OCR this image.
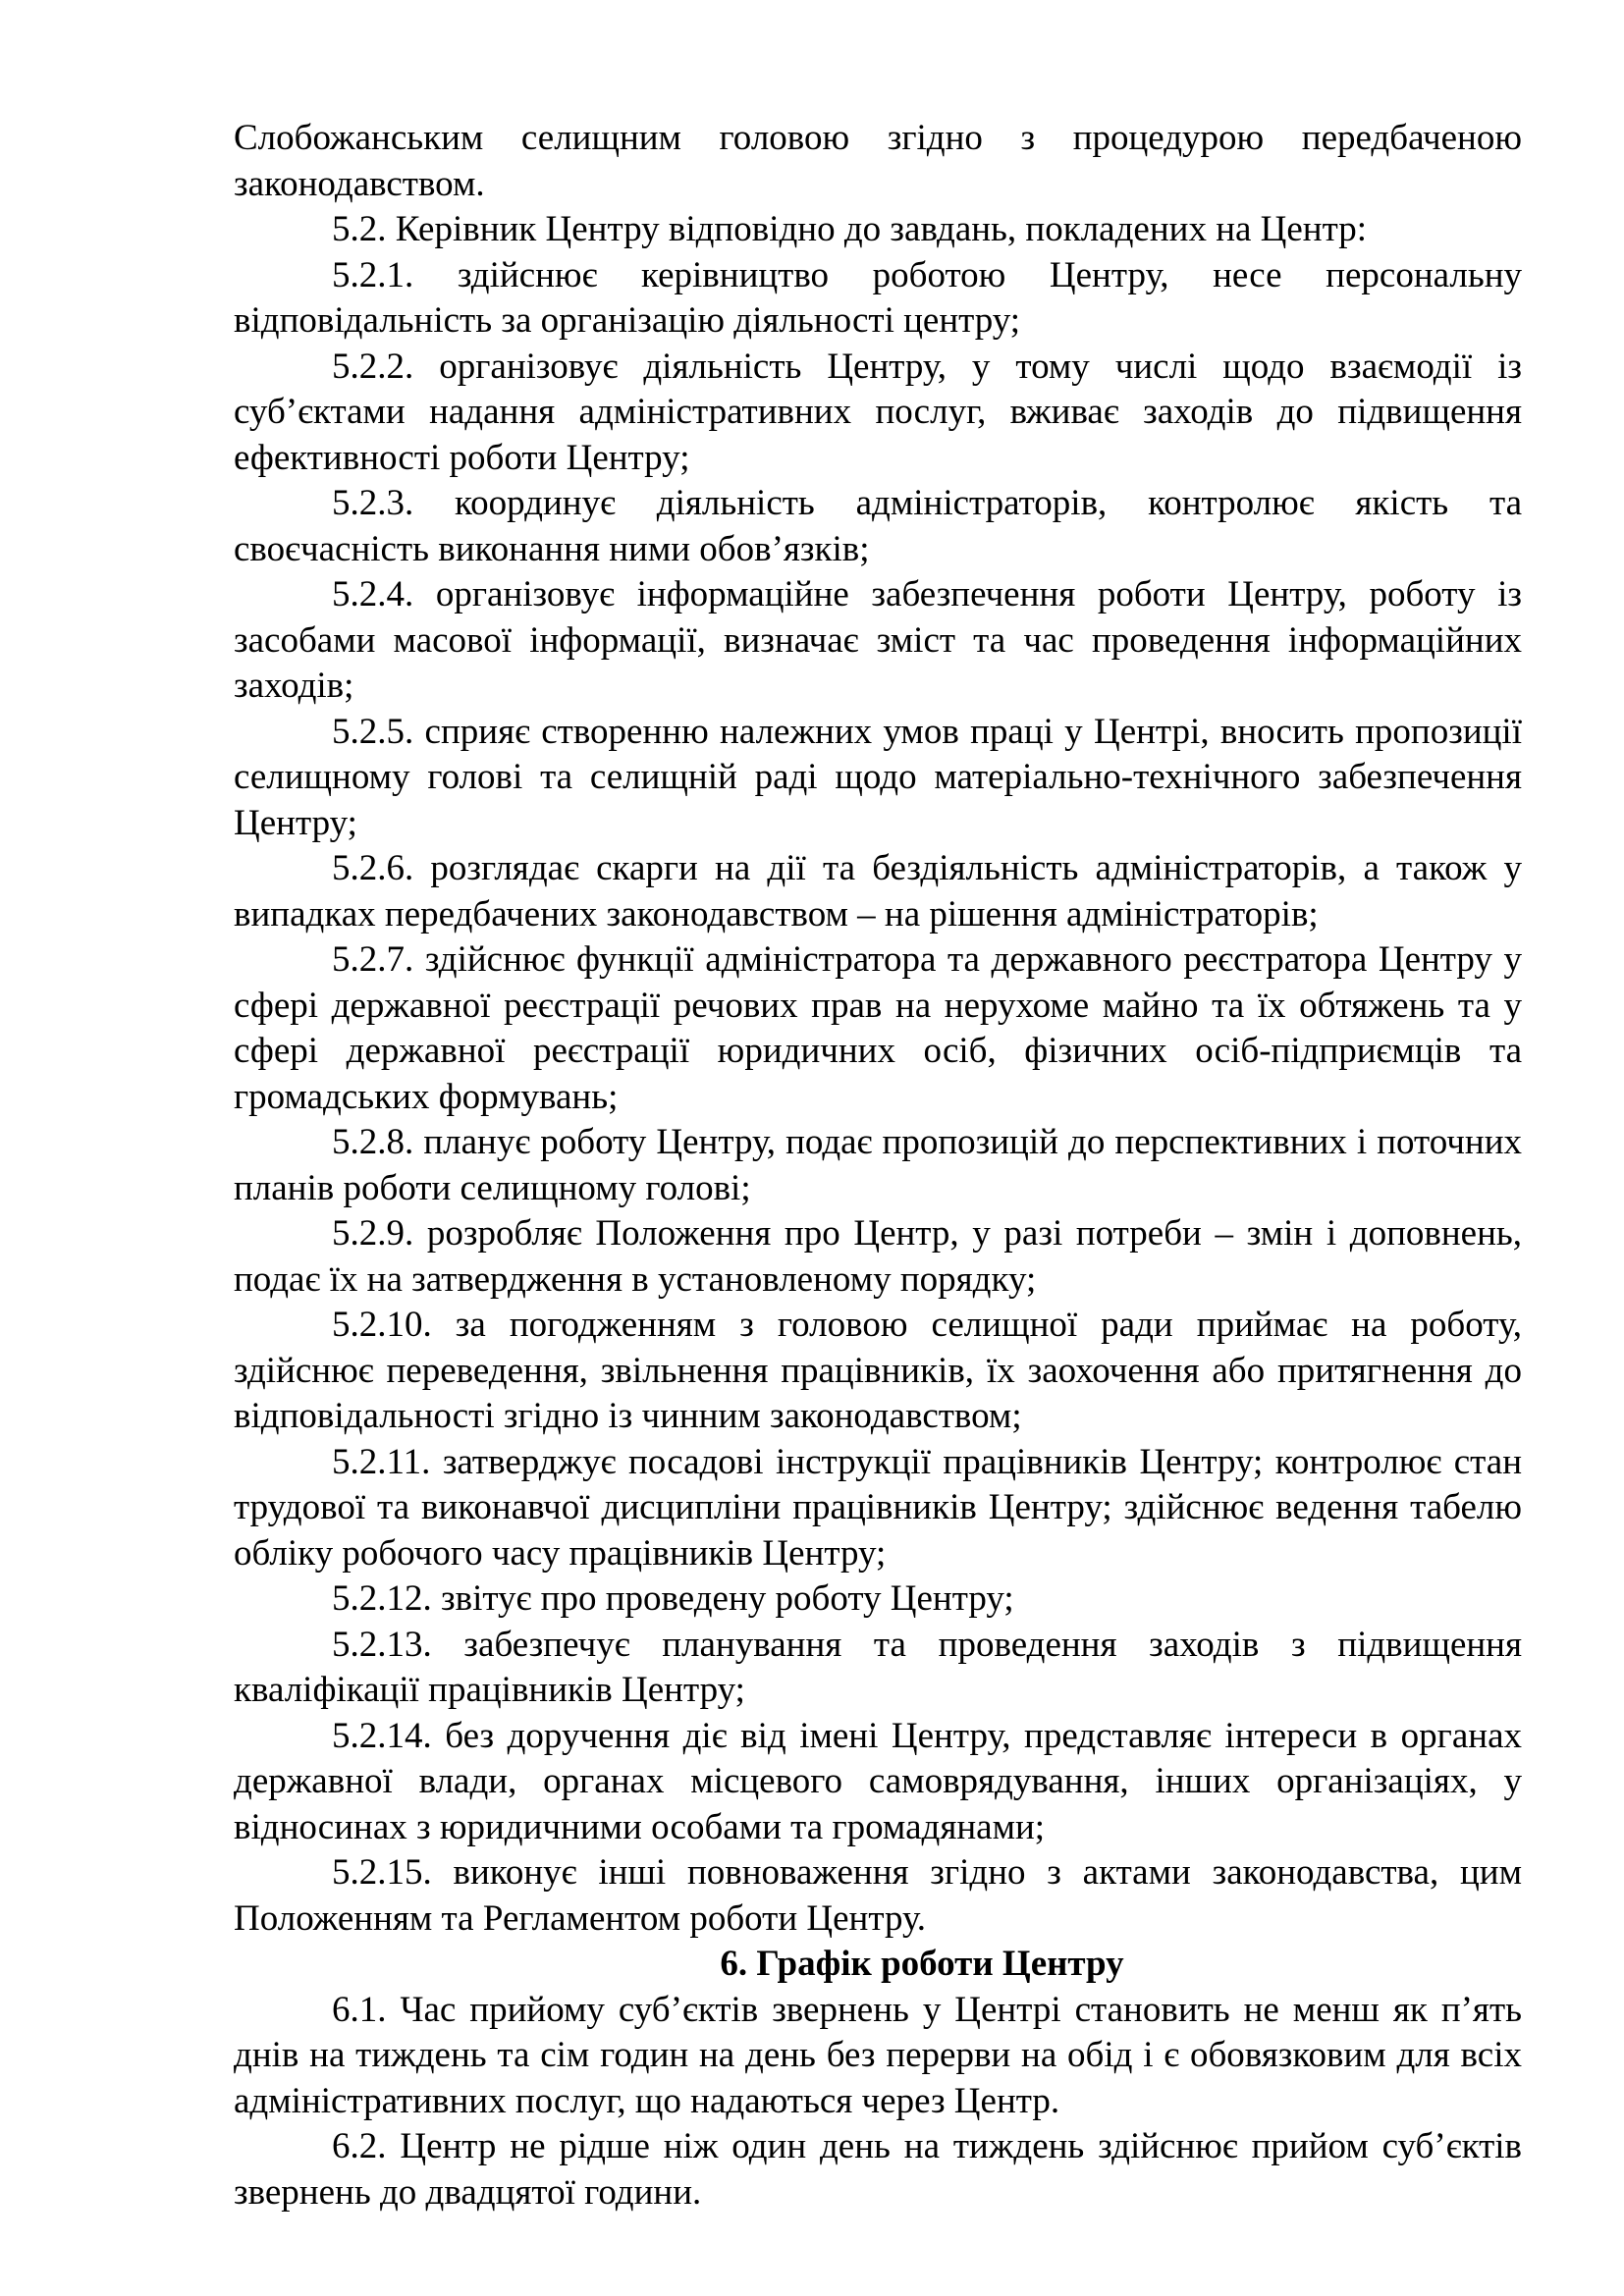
Слобожанським селищним головою згідно з процедурою передбаченою законодавством.

5.2. Керівник Центру відповідно до завдань, покладених на Центр:

5.2.1. здійснює керівництво роботою Центру, несе персональну відповідальність за організацію діяльності центру;

5.2.2. організовує діяльність Центру, у тому числі щодо взаємодії із суб’єктами надання адміністративних послуг, вживає заходів до підвищення ефективності роботи Центру;

5.2.3. координує діяльність адміністраторів, контролює якість та своєчасність виконання ними обов’язків;

5.2.4. організовує інформаційне забезпечення роботи Центру, роботу із засобами масової інформації, визначає зміст та час проведення інформаційних заходів;

5.2.5. сприяє створенню належних умов праці у Центрі, вносить пропозиції селищному голові та селищній раді щодо матеріально-технічного забезпечення Центру;

5.2.6. розглядає скарги на дії та бездіяльність адміністраторів, а також у випадках передбачених законодавством – на рішення адміністраторів;

5.2.7. здійснює функції адміністратора та державного реєстратора Центру у сфері державної реєстрації речових прав на нерухоме майно та їх обтяжень та у сфері державної реєстрації юридичних осіб, фізичних осіб-підприємців та громадських формувань;

5.2.8. планує роботу Центру, подає пропозицій до перспективних і поточних планів роботи селищному голові;

5.2.9. розробляє Положення про Центр, у разі потреби – змін і доповнень, подає їх на затвердження в установленому порядку;

5.2.10. за погодженням з головою селищної ради приймає на роботу, здійснює переведення, звільнення працівників, їх заохочення або притягнення до відповідальності згідно із чинним законодавством;

5.2.11. затверджує посадові інструкції працівників Центру; контролює стан трудової та виконавчої дисципліни працівників Центру; здійснює ведення табелю обліку робочого часу працівників Центру;

5.2.12. звітує про проведену роботу Центру;

5.2.13. забезпечує планування та проведення заходів з підвищення кваліфікації працівників Центру;

5.2.14. без доручення діє від імені Центру, представляє інтереси в органах державної влади, органах місцевого самоврядування, інших організаціях, у відносинах з юридичними особами та громадянами;

5.2.15. виконує інші повноваження згідно з актами законодавства, цим Положенням та Регламентом роботи Центру.

6. Графік роботи Центру

6.1. Час прийому суб’єктів звернень у Центрі становить не менш як п’ять днів на тиждень та сім годин на день без перерви на обід і є обовязковим для всіх адміністративних послуг, що надаються через Центр.

6.2. Центр не рідше ніж один день на тиждень здійснює прийом суб’єктів звернень до двадцятої години.
